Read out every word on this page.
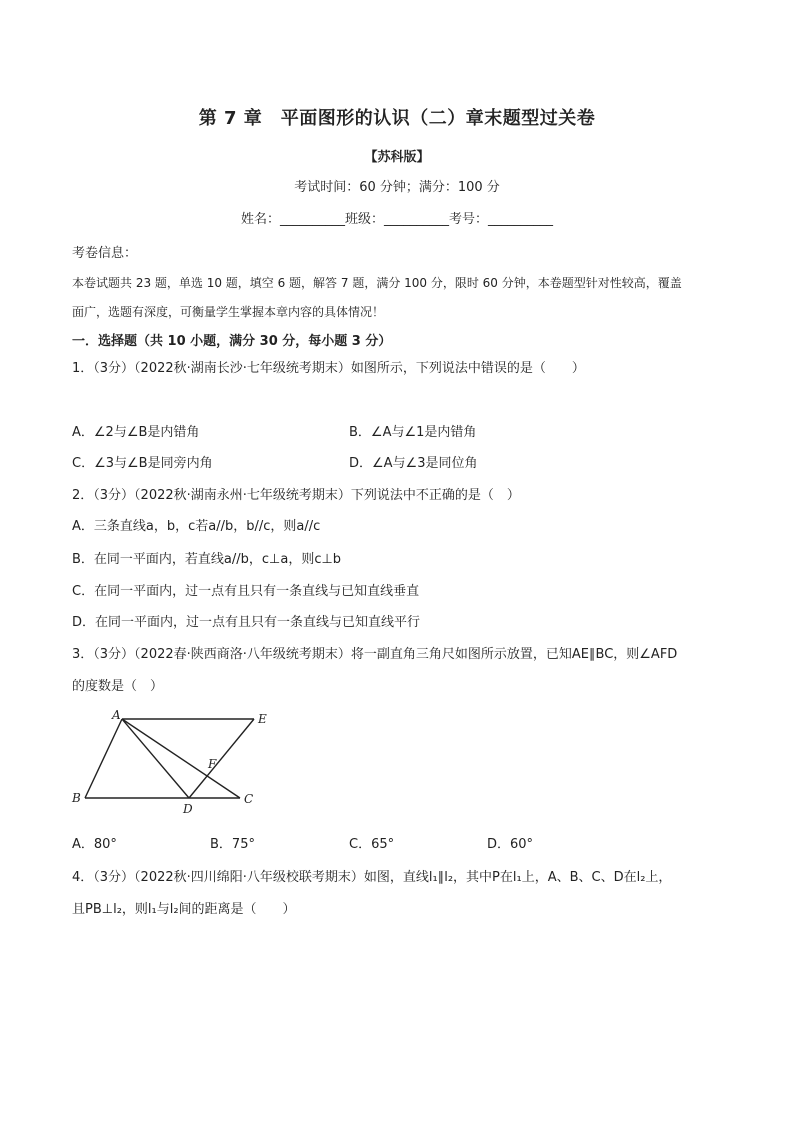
第 7 章　平面图形的认识（二）章末题型过关卷
【苏科版】
考试时间：60 分钟；满分：100 分
姓名：__________班级：__________考号：__________
考卷信息：
本卷试题共 23 题，单选 10 题，填空 6 题，解答 7 题，满分 100 分，限时 60 分钟，本卷题型针对性较高，覆盖
面广，选题有深度，可衡量学生掌握本章内容的具体情况！
一．选择题（共 10 小题，满分 30 分，每小题 3 分）
1．（3分）（2022秋·湖南长沙·七年级统考期末）如图所示，下列说法中错误的是（　　）
A．∠2与∠B是内错角	B．∠A与∠1是内错角
C．∠3与∠B是同旁内角	D．∠A与∠3是同位角
2．（3分）（2022秋·湖南永州·七年级统考期末）下列说法中不正确的是（　）
A．三条直线a，b，c若a//b，b//c，则a//c
B．在同一平面内，若直线a//b，c⊥a，则c⊥b
C．在同一平面内，过一点有且只有一条直线与已知直线垂直
D．在同一平面内，过一点有且只有一条直线与已知直线平行
3．（3分）（2022春·陕西商洛·八年级统考期末）将一副直角三角尺如图所示放置，已知AE∥BC，则∠AFD
的度数是（　）
A	E
F
B
D
C
A．80°	B．75°	C．65°	D．60°
4．（3分）（2022秋·四川绵阳·八年级校联考期末）如图，直线l₁∥l₂，其中P在l₁上，A、B、C、D在l₂上，
且PB⊥l₂，则l₁与l₂间的距离是（　　）
